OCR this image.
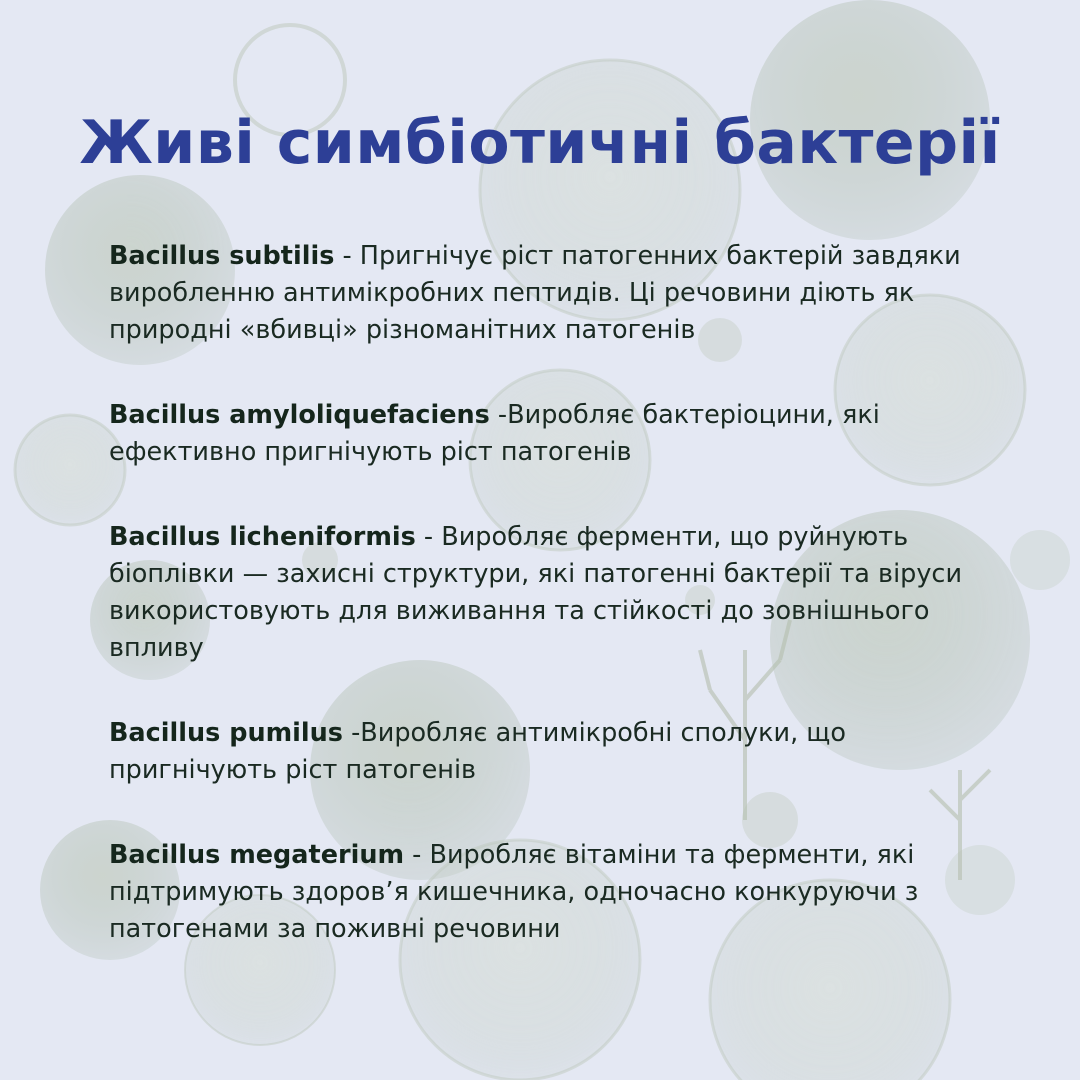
Живі симбіотичні бактерії

Bacillus subtilis - Пригнічує ріст патогенних бактерій завдяки виробленню антимікробних пептидів. Ці речовини діють як природні «вбивці» різноманітних патогенів

Bacillus amyloliquefaciens -Виробляє бактеріоцини, які ефективно пригнічують ріст патогенів

Bacillus licheniformis - Виробляє ферменти, що руйнують біоплівки — захисні структури, які патогенні бактерії та віруси використовують для виживання та стійкості до зовнішнього впливу

Bacillus pumilus -Виробляє антимікробні сполуки, що пригнічують ріст патогенів

Bacillus megaterium - Виробляє вітаміни та ферменти, які підтримують здоров’я кишечника, одночасно конкуруючи з патогенами за поживні речовини
